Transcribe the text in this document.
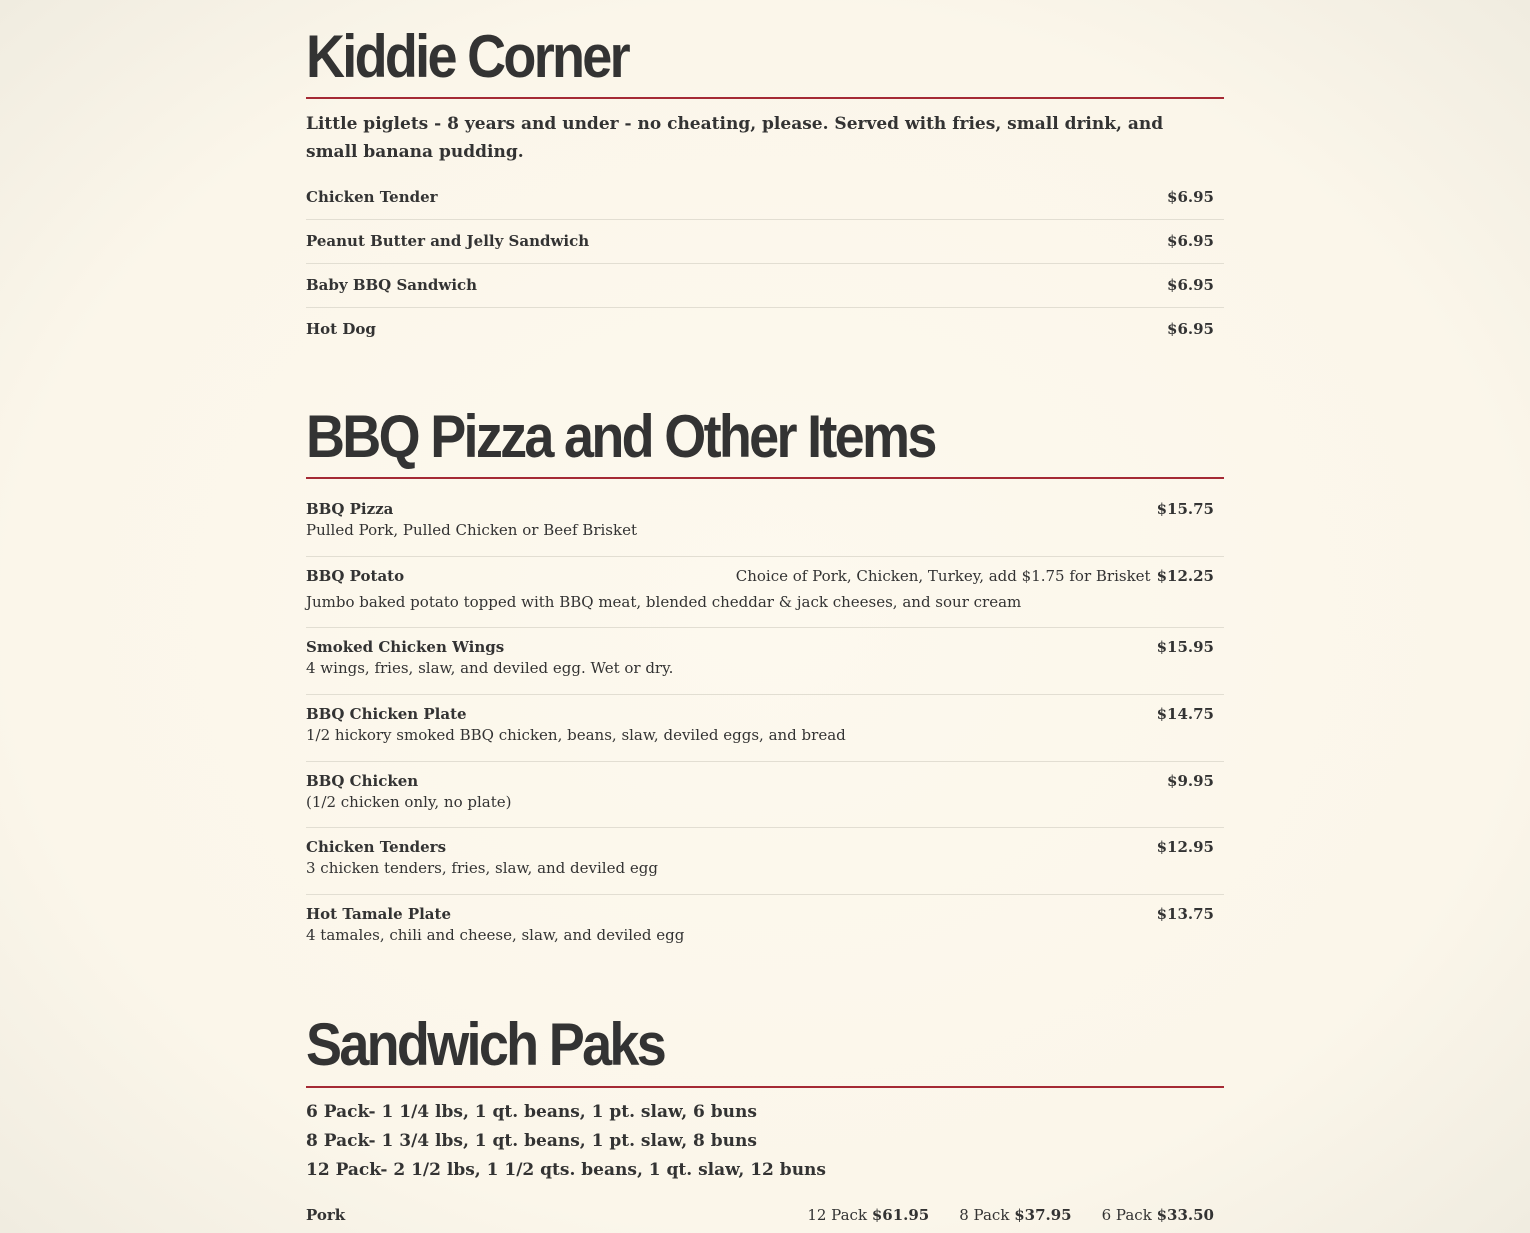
Kiddie Corner
Little piglets - 8 years and under - no cheating, please. Served with fries, small drink, and small banana pudding.
Chicken Tender	$6.95
Peanut Butter and Jelly Sandwich	$6.95
Baby BBQ Sandwich	$6.95
Hot Dog	$6.95
BBQ Pizza and Other Items
BBQ Pizza	$15.75
Pulled Pork, Pulled Chicken or Beef Brisket
BBQ Potato	Choice of Pork, Chicken, Turkey, add $1.75 for Brisket $12.25
Jumbo baked potato topped with BBQ meat, blended cheddar & jack cheeses, and sour cream
Smoked Chicken Wings	$15.95
4 wings, fries, slaw, and deviled egg. Wet or dry.
BBQ Chicken Plate	$14.75
1/2 hickory smoked BBQ chicken, beans, slaw, deviled eggs, and bread
BBQ Chicken	$9.95
(1/2 chicken only, no plate)
Chicken Tenders	$12.95
3 chicken tenders, fries, slaw, and deviled egg
Hot Tamale Plate	$13.75
4 tamales, chili and cheese, slaw, and deviled egg
Sandwich Paks
6 Pack- 1 1/4 lbs, 1 qt. beans, 1 pt. slaw, 6 buns
8 Pack- 1 3/4 lbs, 1 qt. beans, 1 pt. slaw, 8 buns
12 Pack- 2 1/2 lbs, 1 1/2 qts. beans, 1 qt. slaw, 12 buns
Pork	12 Pack $61.95 8 Pack $37.95 6 Pack $33.50
